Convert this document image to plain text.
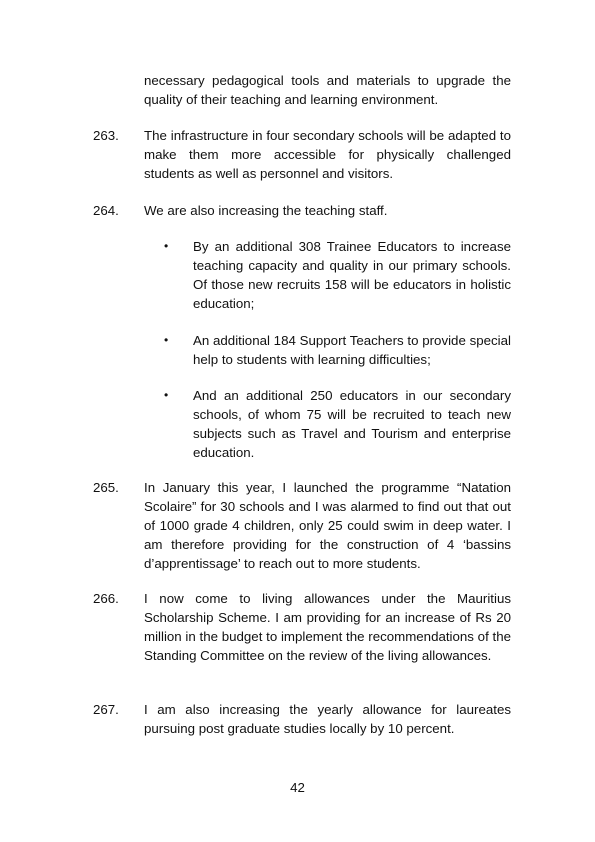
necessary pedagogical tools and materials to upgrade the quality of their teaching and learning environment.
263. The infrastructure in four secondary schools will be adapted to make them more accessible for physically challenged students as well as personnel and visitors.
264. We are also increasing the teaching staff.
• By an additional 308 Trainee Educators to increase teaching capacity and quality in our primary schools. Of those new recruits 158 will be educators in holistic education;
• An additional 184 Support Teachers to provide special help to students with learning difficulties;
• And an additional 250 educators in our secondary schools, of whom 75 will be recruited to teach new subjects such as Travel and Tourism and enterprise education.
265. In January this year, I launched the programme “Natation Scolaire” for 30 schools and I was alarmed to find out that out of 1000 grade 4 children, only 25 could swim in deep water. I am therefore providing for the construction of 4 ‘bassins d’apprentissage’ to reach out to more students.
266. I now come to living allowances under the Mauritius Scholarship Scheme. I am providing for an increase of Rs 20 million in the budget to implement the recommendations of the Standing Committee on the review of the living allowances.
267. I am also increasing the yearly allowance for laureates pursuing post graduate studies locally by 10 percent.
42
